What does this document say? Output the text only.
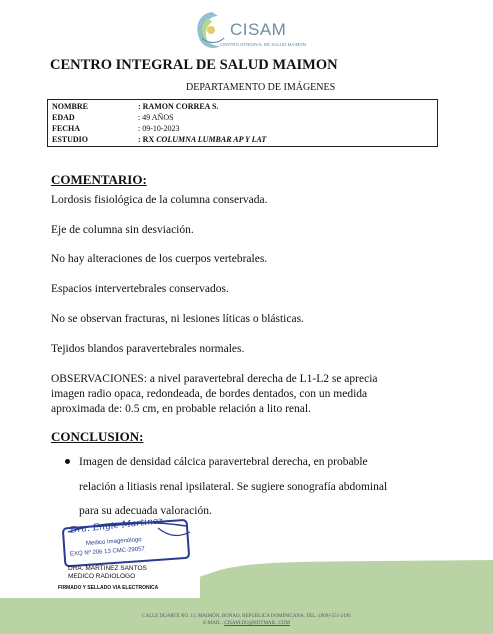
CISAM
CENTRO INTEGRAL DE SALUD MAIMON
CENTRO INTEGRAL DE SALUD MAIMON
DEPARTAMENTO DE IMÁGENES
NOMBRE	: RAMON CORREA S.
EDAD	: 49 AÑOS
FECHA	: 09-10-2023
ESTUDIO	: RX COLUMNA LUMBAR AP Y LAT
COMENTARIO:
Lordosis fisiológica de la columna conservada.
Eje de columna sin desviación.
No hay alteraciones de los cuerpos vertebrales.
Espacios intervertebrales conservados.
No se observan fracturas, ni lesiones líticas o blásticas.
Tejidos blandos paravertebrales normales.
OBSERVACIONES: a nivel paravertebral derecha de L1-L2 se aprecia
imagen radio opaca, redondeada, de bordes dentados, con un medida
aproximada de: 0.5 cm, en probable relación a lito renal.
CONCLUSION:
Imagen de densidad cálcica paravertebral derecha, en probable
relación a litiasis renal ipsilateral. Se sugiere sonografía abdominal
para su adecuada valoración.
Dra. Engie Martinez
Medico Imagenólogo
EXQ Nº 206 13 CMC-29057
DRA. MARTINEZ SANTOS
MEDICO RADIOLOGO
FIRMADO Y SELLADO VIA ELECTRONICA
CALLE DUARTE NO. 13, MAIMÓN, BONAO, REPUBLICA DOMINICANA, TEL.: (809)-551-2196
E-MAIL : CISAM.DO@HOTMAIL .COM
